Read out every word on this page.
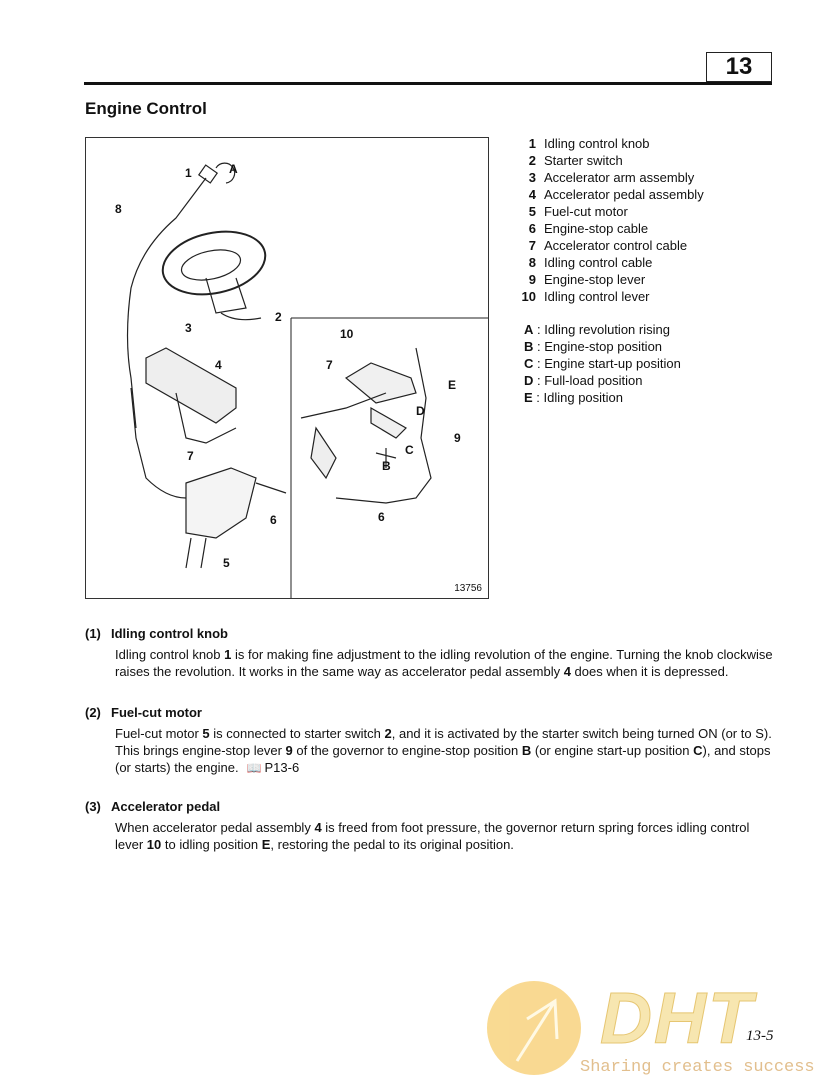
13
Engine Control
1
2
3
4
5
6
7
8
A
10
7
E
D
9
C
B
6
13756
1 Idling control knob
2 Starter switch
3 Accelerator arm assembly
4 Accelerator pedal assembly
5 Fuel-cut motor
6 Engine-stop cable
7 Accelerator control cable
8 Idling control cable
9 Engine-stop lever
10 Idling control lever
A : Idling revolution rising
B : Engine-stop position
C : Engine start-up position
D : Full-load position
E : Idling position
(1) Idling control knob

Idling control knob 1 is for making fine adjustment to the idling revolution of the engine. Turning the knob clockwise raises the revolution. It works in the same way as accelerator pedal assembly 4 does when it is depressed.

(2) Fuel-cut motor

Fuel-cut motor 5 is connected to starter switch 2, and it is activated by the starter switch being turned ON (or to S). This brings engine-stop lever 9 of the governor to engine-stop position B (or engine start-up position C), and stops (or starts) the engine. 📖 P13-6

(3) Accelerator pedal

When accelerator pedal assembly 4 is freed from foot pressure, the governor return spring forces idling control lever 10 to idling position E, restoring the pedal to its original position.

DHT
13-5
Sharing creates success
